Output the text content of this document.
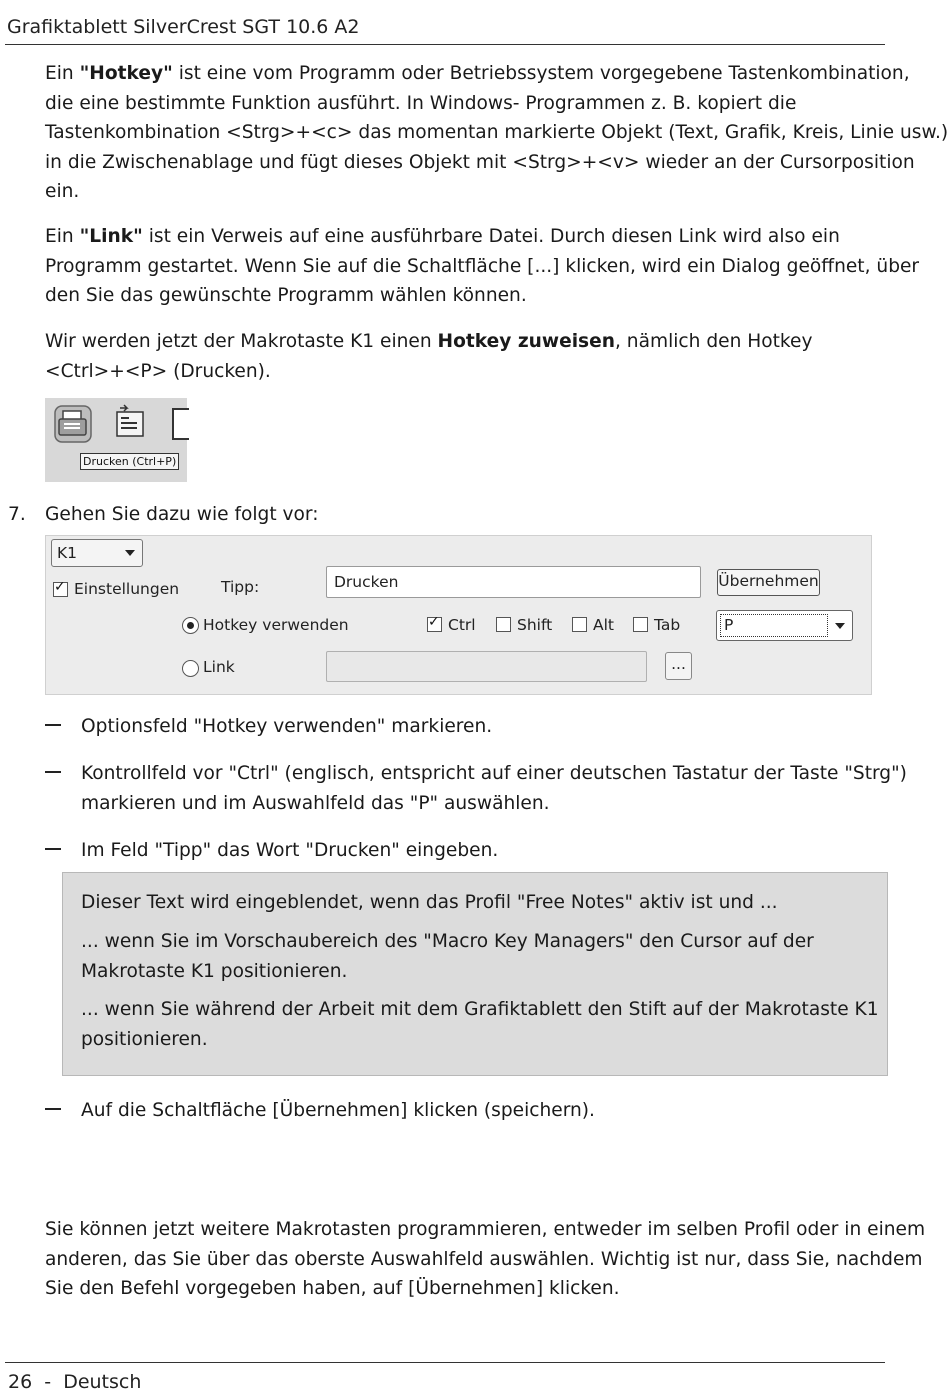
Grafiktablett SilverCrest SGT 10.6 A2
Ein "Hotkey" ist eine vom Programm oder Betriebssystem vorgegebene Tastenkombination,
die eine bestimmte Funktion ausführt. In Windows- Programmen z. B. kopiert die
Tastenkombination <Strg>+<c> das momentan markierte Objekt (Text, Grafik, Kreis, Linie usw.)
in die Zwischenablage und fügt dieses Objekt mit <Strg>+<v> wieder an der Cursorposition
ein.
Ein "Link" ist ein Verweis auf eine ausführbare Datei. Durch diesen Link wird also ein
Programm gestartet. Wenn Sie auf die Schaltfläche [...] klicken, wird ein Dialog geöffnet, über
den Sie das gewünschte Programm wählen können.
Wir werden jetzt der Makrotaste K1 einen Hotkey zuweisen, nämlich den Hotkey
<Ctrl>+<P> (Drucken).
Drucken (Ctrl+P)
7. Gehen Sie dazu wie folgt vor:
K1
✓
Einstellungen	Tipp:	Drucken	Übernehmen
Hotkey verwenden
✓	Ctrl	Shift	Alt	Tab	P
Link	...
Optionsfeld "Hotkey verwenden" markieren.
Kontrollfeld vor "Ctrl" (englisch, entspricht auf einer deutschen Tastatur der Taste "Strg")
markieren und im Auswahlfeld das "P" auswählen.
Im Feld "Tipp" das Wort "Drucken" eingeben.
Dieser Text wird eingeblendet, wenn das Profil "Free Notes" aktiv ist und ...
... wenn Sie im Vorschaubereich des "Macro Key Managers" den Cursor auf der
Makrotaste K1 positionieren.
... wenn Sie während der Arbeit mit dem Grafiktablett den Stift auf der Makrotaste K1
positionieren.
Auf die Schaltfläche [Übernehmen] klicken (speichern).
Sie können jetzt weitere Makrotasten programmieren, entweder im selben Profil oder in einem
anderen, das Sie über das oberste Auswahlfeld auswählen. Wichtig ist nur, dass Sie, nachdem
Sie den Befehl vorgegeben haben, auf [Übernehmen] klicken.
26  -  Deutsch
